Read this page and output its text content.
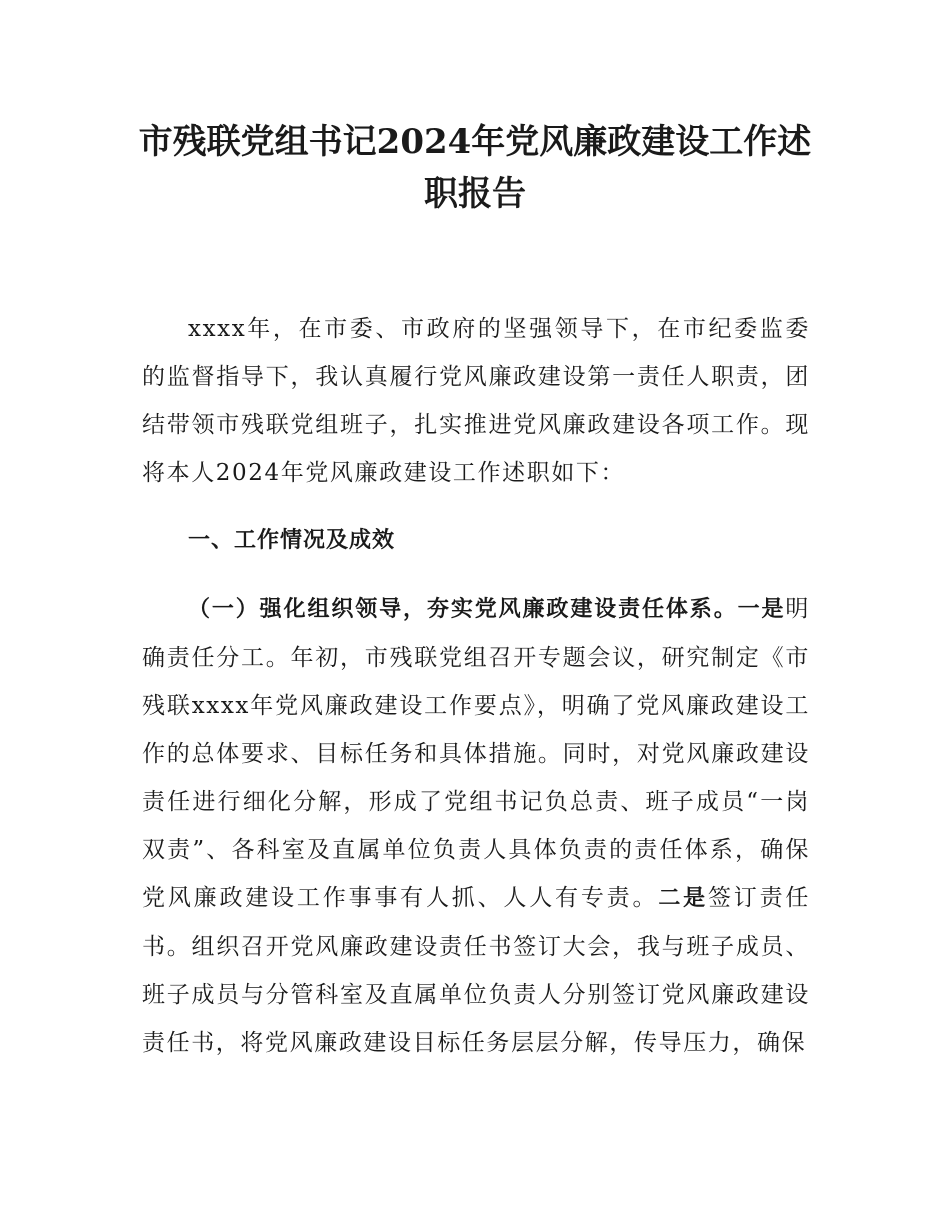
市残联党组书记2024年党风廉政建设工作述职报告

xxxx年，在市委、市政府的坚强领导下，在市纪委监委的监督指导下，我认真履行党风廉政建设第一责任人职责，团结带领市残联党组班子，扎实推进党风廉政建设各项工作。现将本人2024年党风廉政建设工作述职如下：

一、工作情况及成效

（一）强化组织领导，夯实党风廉政建设责任体系。一是明确责任分工。年初，市残联党组召开专题会议，研究制定《市残联xxxx年党风廉政建设工作要点》，明确了党风廉政建设工作的总体要求、目标任务和具体措施。同时，对党风廉政建设责任进行细化分解，形成了党组书记负总责、班子成员“一岗双责”、各科室及直属单位负责人具体负责的责任体系，确保党风廉政建设工作事事有人抓、人人有专责。二是签订责任书。组织召开党风廉政建设责任书签订大会，我与班子成员、班子成员与分管科室及直属单位负责人分别签订党风廉政建设责任书，将党风廉政建设目标任务层层分解，传导压力，确保
